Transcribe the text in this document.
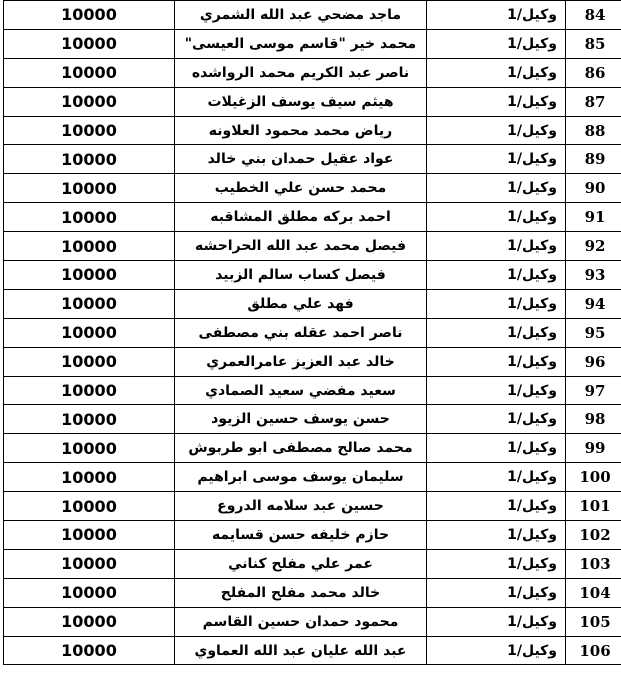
10000	ماجد مضحي عبد الله الشمري	وكيل/1	84
10000	محمد خير "قاسم موسى العيسى"	وكيل/1	85
10000	ناصر عبد الكريم محمد الرواشده	وكيل/1	86
10000	هيثم سيف يوسف الزغيلات	وكيل/1	87
10000	رياض محمد محمود العلاونه	وكيل/1	88
10000	عواد عقيل حمدان بني خالد	وكيل/1	89
10000	محمد حسن علي الخطيب	وكيل/1	90
10000	احمد بركه مطلق المشاقبه	وكيل/1	91
10000	فيصل محمد عبد الله الحراحشه	وكيل/1	92
10000	فيصل كساب سالم الزبيد	وكيل/1	93
10000	فهد علي مطلق	وكيل/1	94
10000	ناصر احمد عقله بني مصطفى	وكيل/1	95
10000	خالد عبد العزيز عامرالعمري	وكيل/1	96
10000	سعيد مفضي سعيد الصمادي	وكيل/1	97
10000	حسن يوسف حسين الزيود	وكيل/1	98
10000	محمد صالح مصطفى ابو طربوش	وكيل/1	99
10000	سليمان يوسف موسى ابراهيم	وكيل/1	100
10000	حسين عبد سلامه الدروع	وكيل/1	101
10000	حازم خليفه حسن قسايمه	وكيل/1	102
10000	عمر علي مفلح كناني	وكيل/1	103
10000	خالد محمد مفلح المفلح	وكيل/1	104
10000	محمود حمدان حسين القاسم	وكيل/1	105
10000	عبد الله عليان عبد الله العماوي	وكيل/1	106
